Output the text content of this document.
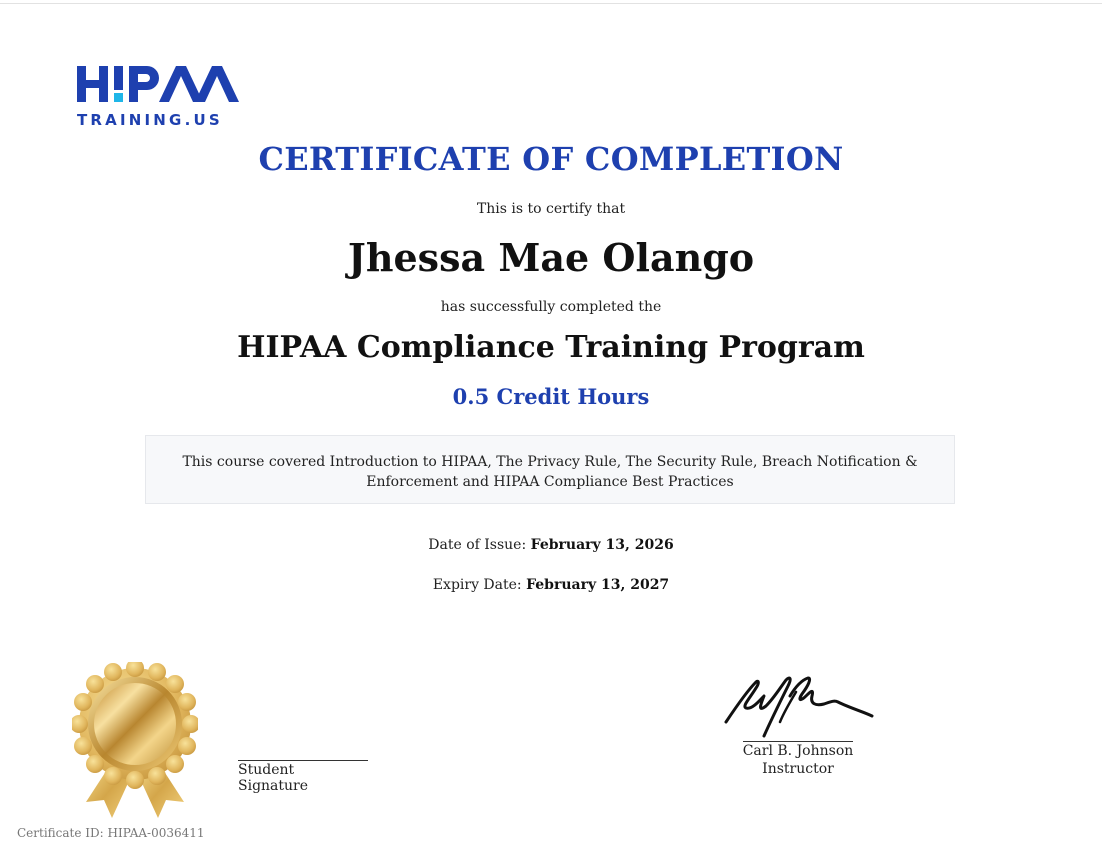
TRAINING.US
CERTIFICATE OF COMPLETION
This is to certify that
Jhessa Mae Olango
has successfully completed the
HIPAA Compliance Training Program
0.5 Credit Hours
This course covered Introduction to HIPAA, The Privacy Rule, The Security Rule, Breach Notification & Enforcement and HIPAA Compliance Best Practices
Date of Issue: February 13, 2026
Expiry Date: February 13, 2027
Student Signature
Carl B. Johnson
Instructor
Certificate ID: HIPAA-0036411
